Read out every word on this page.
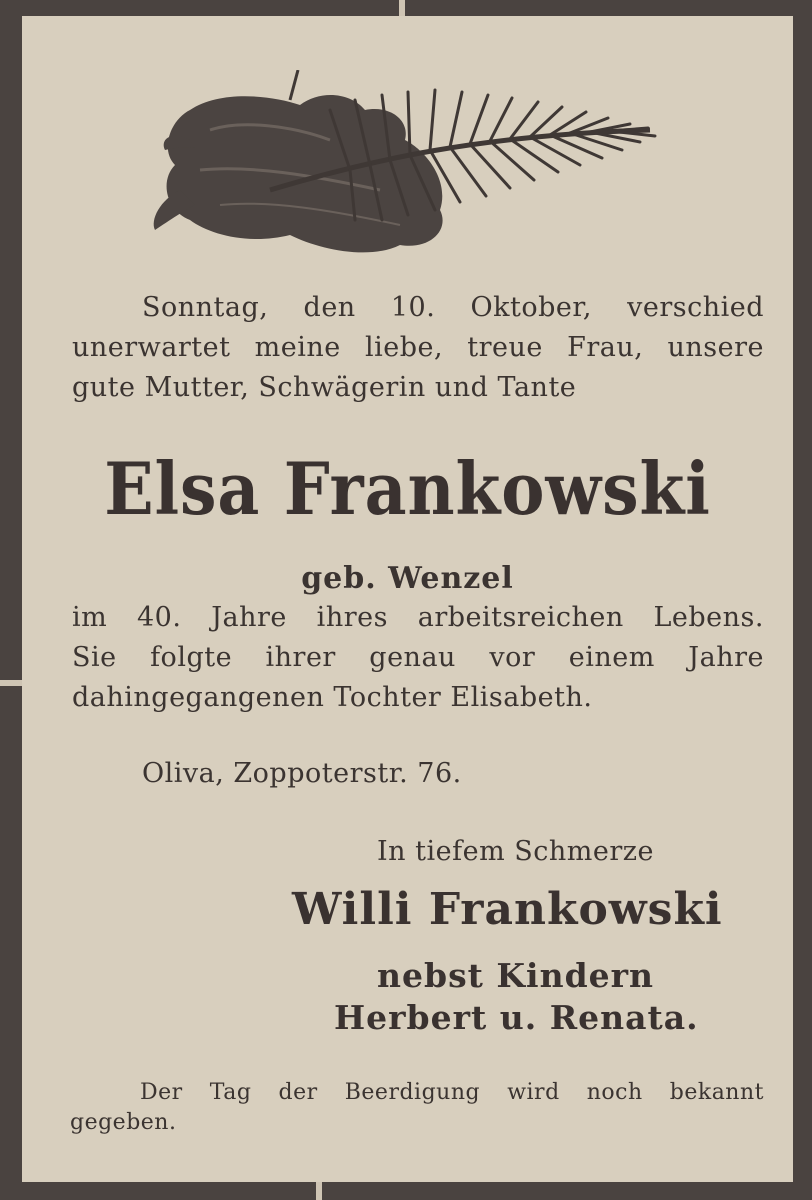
Sonntag, den 10. Oktober, verschied
unerwartet meine liebe, treue Frau, unsere
gute Mutter, Schwägerin und Tante
Elsa Frankowski
geb. Wenzel
im 40. Jahre ihres arbeitsreichen Lebens.
Sie folgte ihrer genau vor einem Jahre
dahingegangenen Tochter Elisabeth.
Oliva, Zoppoterstr. 76.
In tiefem Schmerze
Willi Frankowski
nebst Kindern
Herbert u. Renata.
Der Tag der Beerdigung wird noch bekannt
gegeben.
